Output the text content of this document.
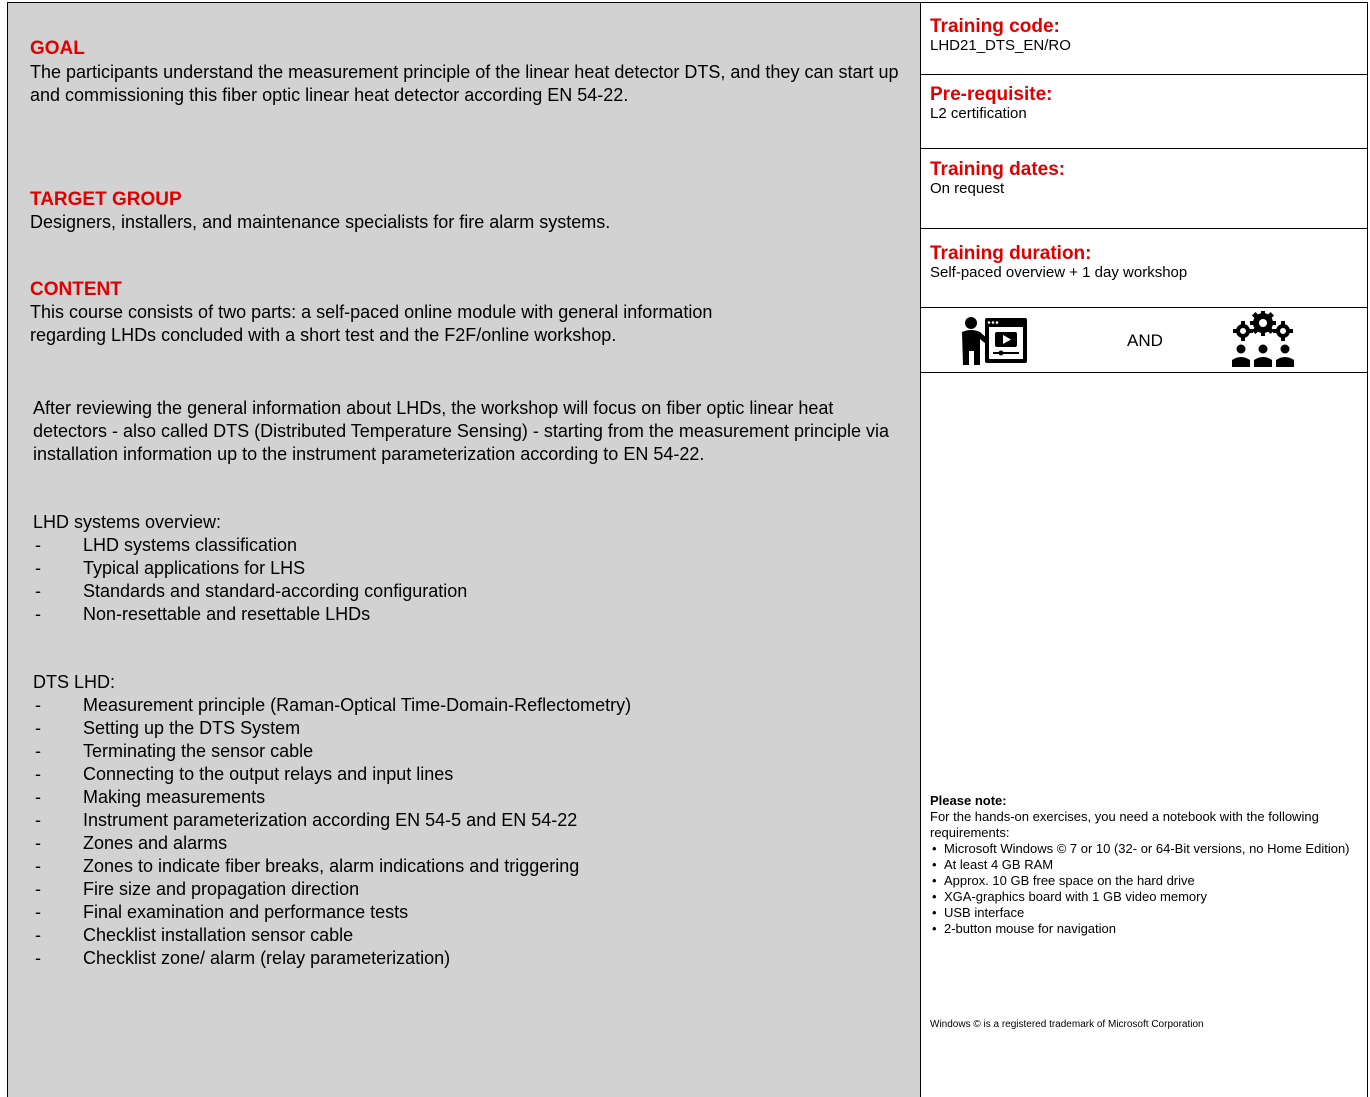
GOAL
The participants understand the measurement principle of the linear heat detector DTS, and they can start up and commissioning this fiber optic linear heat detector according EN 54-22.
TARGET GROUP
Designers, installers, and maintenance specialists for fire alarm systems.
CONTENT
This course consists of two parts: a self-paced online module with general information regarding LHDs concluded with a short test and the F2F/online workshop.
After reviewing the general information about LHDs, the workshop will focus on fiber optic linear heat detectors - also called DTS (Distributed Temperature Sensing) - starting from the measurement principle via installation information up to the instrument parameterization according to EN 54-22.
LHD systems overview:
- LHD systems classification
- Typical applications for LHS
- Standards and standard-according configuration
- Non-resettable and resettable LHDs
DTS LHD:
- Measurement principle (Raman-Optical Time-Domain-Reflectometry)
- Setting up the DTS System
- Terminating the sensor cable
- Connecting to the output relays and input lines
- Making measurements
- Instrument parameterization according EN 54-5 and EN 54-22
- Zones and alarms
- Zones to indicate fiber breaks, alarm indications and triggering
- Fire size and propagation direction
- Final examination and performance tests
- Checklist installation sensor cable
- Checklist zone/ alarm (relay parameterization)
Training code:
LHD21_DTS_EN/RO
Pre-requisite:
L2 certification
Training dates:
On request
Training duration:
Self-paced overview + 1 day workshop
AND
Please note:
For the hands-on exercises, you need a notebook with the following requirements:
• Microsoft Windows © 7 or 10 (32- or 64-Bit versions, no Home Edition)
• At least 4 GB RAM
• Approx. 10 GB free space on the hard drive
• XGA-graphics board with 1 GB video memory
• USB interface
• 2-button mouse for navigation
Windows © is a registered trademark of Microsoft Corporation
